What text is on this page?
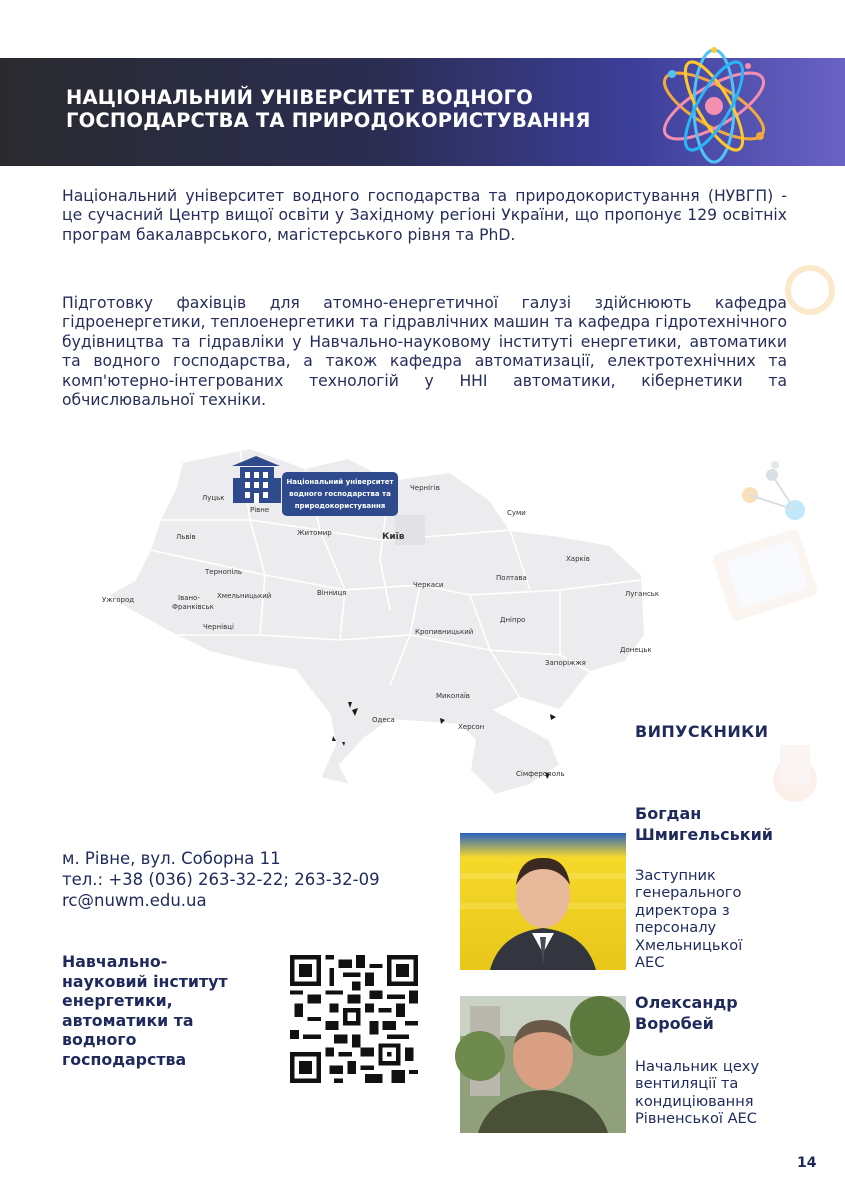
НАЦІОНАЛЬНИЙ УНІВЕРСИТЕТ ВОДНОГО
ГОСПОДАРСТВА ТА ПРИРОДОКОРИСТУВАННЯ
Національний університет водного господарства та природокористування (НУВГП) - це сучасний Центр вищої освіти у Західному регіоні України, що пропонує 129 освітніх програм бакалаврського, магістерського рівня та PhD.
Підготовку фахівців для атомно-енергетичної галузі здійснюють кафедра гідроенергетики, теплоенергетики та гідравлічних машин та кафедра гідротехнічного будівництва та гідравліки у Навчально-науковому інституті енергетики, автоматики та водного господарства, а також кафедра автоматизації, електротехнічних та комп'ютерно-інтегрованих технологій у ННІ автоматики, кібернетики та обчислювальної техніки.
Луцьк
Рівне
Львів
Тернопіль
Хмельницький
Житомир	Київ
Чернігів
Суми
Харків
Полтава
Черкаси
Вінниця
Ужгород	Івано-
Франківськ
Чернівці
Кропивницький
Дніпро
Луганськ
Донецьк
Запоріжжя
Миколаїв
Одеса
Херсон
Сімферополь
Національний університет
водного господарства та
природокористування
ВИПУСКНИКИ
Богдан
Шмигельський
Заступник
генерального
директора з
персоналу
Хмельницької
АЕС
Олександр
Воробей
Начальник цеху
вентиляції та
кондиціювання
Рівненської АЕС
м. Рівне, вул. Соборна 11
тел.: +38 (036) 263-32-22; 263-32-09
rc@nuwm.edu.ua
Навчально-
науковий інститут
енергетики,
автоматики та
водного
господарства
14
